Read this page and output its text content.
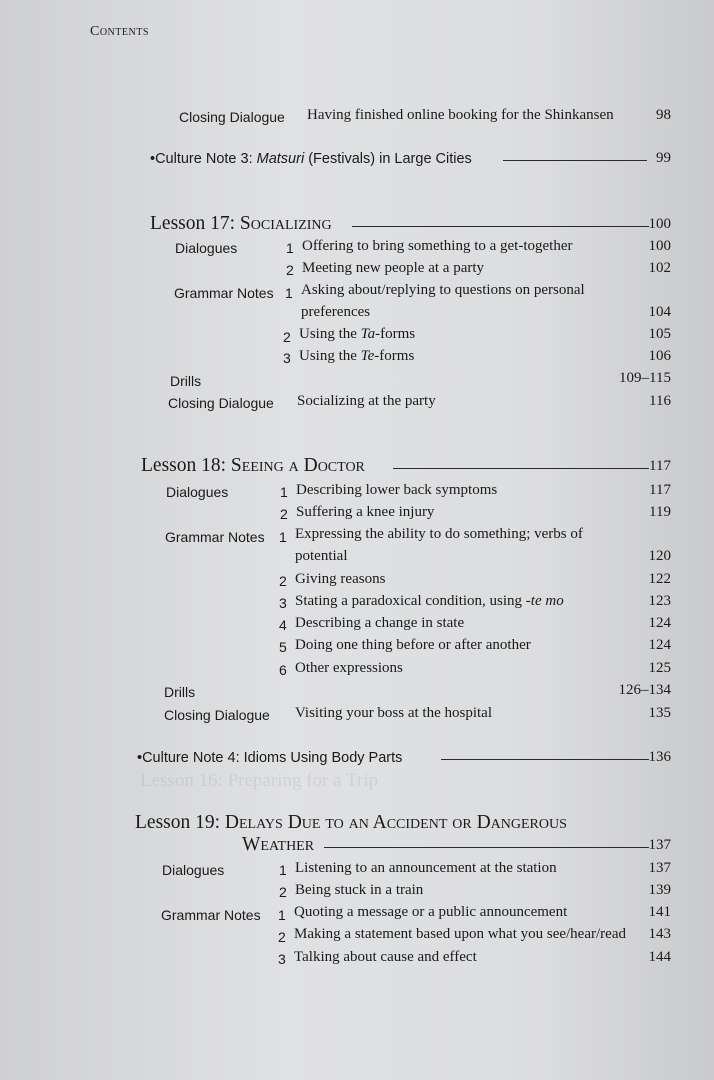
Contents
Closing Dialogue Having finished online booking for the Shinkansen	98
•Culture Note 3: Matsuri (Festivals) in Large Cities	99
Lesson 17: Socializing	100
Dialogues	1 Offering to bring something to a get-together	100
2 Meeting new people at a party	102
Grammar Notes 1 Asking about/replying to questions on personal
preferences	104
2 Using the Ta-forms	105
3 Using the Te-forms	106
Drills	109–115
Closing Dialogue Socializing at the party	116
Lesson 18: Seeing a Doctor	117
Dialogues	1 Describing lower back symptoms	117
2 Suffering a knee injury	119
Grammar Notes 1 Expressing the ability to do something; verbs of
potential	120
2 Giving reasons	122
3 Stating a paradoxical condition, using -te mo	123
4 Describing a change in state	124
5 Doing one thing before or after another	124
6 Other expressions	125
Drills	126–134
Closing Dialogue Visiting your boss at the hospital	135
•Culture Note 4: Idioms Using Body Parts	136
Lesson 16: Preparing for a Trip
Lesson 19: Delays Due to an Accident or Dangerous
Weather	137
Dialogues	1 Listening to an announcement at the station	137
2 Being stuck in a train	139
Grammar Notes 1 Quoting a message or a public announcement	141
2 Making a statement based upon what you see/hear/read 143
3 Talking about cause and effect	144
